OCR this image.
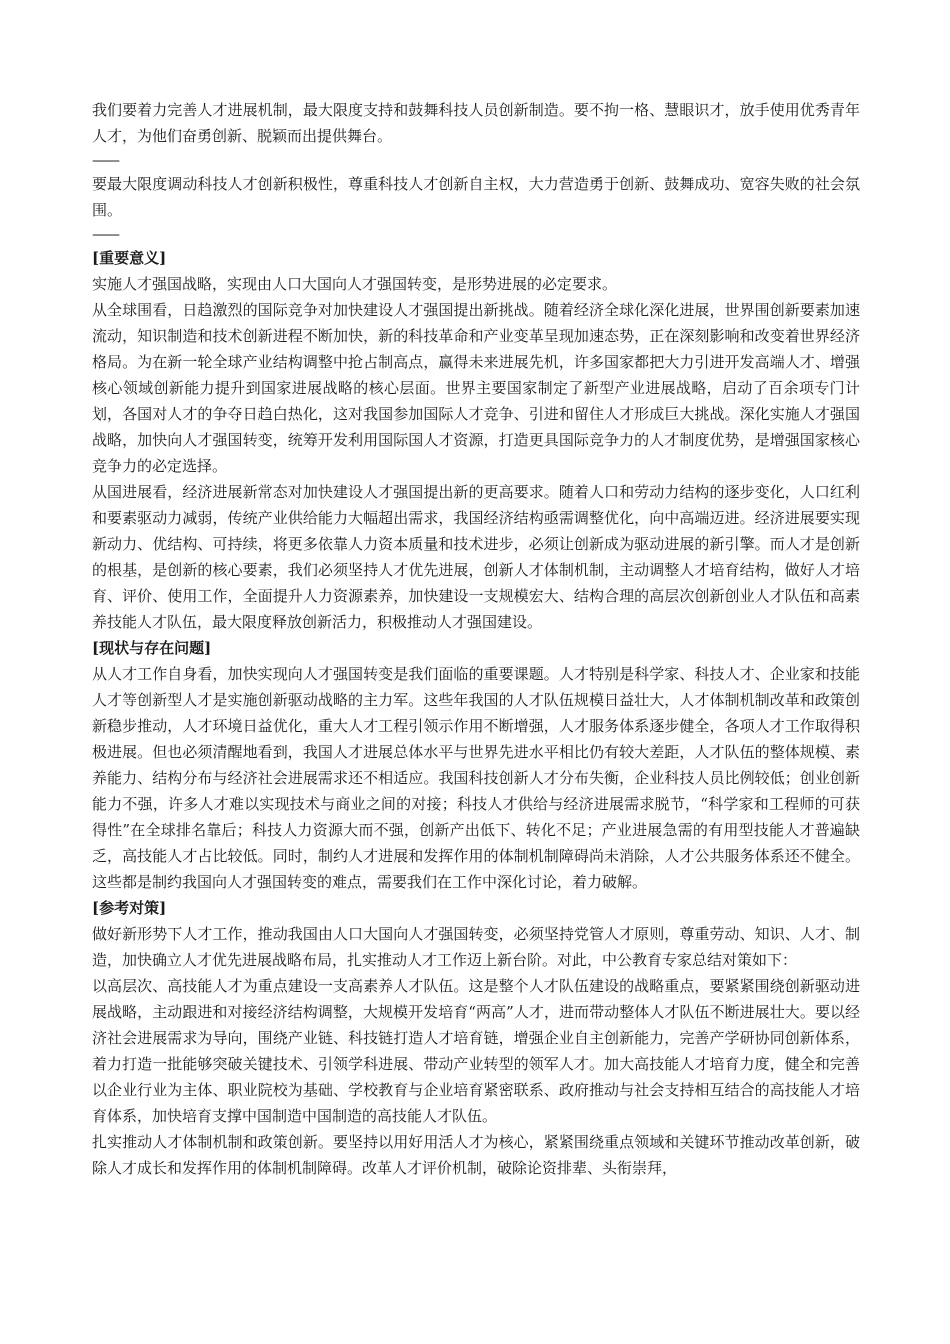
我们要着力完善人才进展机制，最大限度支持和鼓舞科技人员创新制造。要不拘一格、慧眼识才，放手使用优秀青年人才，为他们奋勇创新、脱颖而出提供舞台。

——

要最大限度调动科技人才创新积极性，尊重科技人才创新自主权，大力营造勇于创新、鼓舞成功、宽容失败的社会氛围。

——

[重要意义]

实施人才强国战略，实现由人口大国向人才强国转变，是形势进展的必定要求。

从全球围看，日趋激烈的国际竞争对加快建设人才强国提出新挑战。随着经济全球化深化进展，世界围创新要素加速流动，知识制造和技术创新进程不断加快，新的科技革命和产业变革呈现加速态势，正在深刻影响和改变着世界经济格局。为在新一轮全球产业结构调整中抢占制高点，赢得未来进展先机，许多国家都把大力引进开发高端人才、增强核心领域创新能力提升到国家进展战略的核心层面。世界主要国家制定了新型产业进展战略，启动了百余项专门计划，各国对人才的争夺日趋白热化，这对我国参加国际人才竞争、引进和留住人才形成巨大挑战。深化实施人才强国战略，加快向人才强国转变，统筹开发利用国际国人才资源，打造更具国际竞争力的人才制度优势，是增强国家核心竞争力的必定选择。

从国进展看，经济进展新常态对加快建设人才强国提出新的更高要求。随着人口和劳动力结构的逐步变化，人口红利和要素驱动力减弱，传统产业供给能力大幅超出需求，我国经济结构亟需调整优化，向中高端迈进。经济进展要实现新动力、优结构、可持续，将更多依靠人力资本质量和技术进步，必须让创新成为驱动进展的新引擎。而人才是创新的根基，是创新的核心要素，我们必须坚持人才优先进展，创新人才体制机制，主动调整人才培育结构，做好人才培育、评价、使用工作，全面提升人力资源素养，加快建设一支规模宏大、结构合理的高层次创新创业人才队伍和高素养技能人才队伍，最大限度释放创新活力，积极推动人才强国建设。

[现状与存在问题]

从人才工作自身看，加快实现向人才强国转变是我们面临的重要课题。人才特别是科学家、科技人才、企业家和技能人才等创新型人才是实施创新驱动战略的主力军。这些年我国的人才队伍规模日益壮大，人才体制机制改革和政策创新稳步推动，人才环境日益优化，重大人才工程引领示作用不断增强，人才服务体系逐步健全，各项人才工作取得积极进展。但也必须清醒地看到，我国人才进展总体水平与世界先进水平相比仍有较大差距，人才队伍的整体规模、素养能力、结构分布与经济社会进展需求还不相适应。我国科技创新人才分布失衡，企业科技人员比例较低；创业创新能力不强，许多人才难以实现技术与商业之间的对接；科技人才供给与经济进展需求脱节，“科学家和工程师的可获得性”在全球排名靠后；科技人力资源大而不强，创新产出低下、转化不足；产业进展急需的有用型技能人才普遍缺乏，高技能人才占比较低。同时，制约人才进展和发挥作用的体制机制障碍尚未消除，人才公共服务体系还不健全。这些都是制约我国向人才强国转变的难点，需要我们在工作中深化讨论，着力破解。

[参考对策]

做好新形势下人才工作，推动我国由人口大国向人才强国转变，必须坚持党管人才原则，尊重劳动、知识、人才、制造，加快确立人才优先进展战略布局，扎实推动人才工作迈上新台阶。对此，中公教育专家总结对策如下：

以高层次、高技能人才为重点建设一支高素养人才队伍。这是整个人才队伍建设的战略重点，要紧紧围绕创新驱动进展战略，主动跟进和对接经济结构调整，大规模开发培育“两高”人才，进而带动整体人才队伍不断进展壮大。要以经济社会进展需求为导向，围绕产业链、科技链打造人才培育链，增强企业自主创新能力，完善产学研协同创新体系，着力打造一批能够突破关键技术、引领学科进展、带动产业转型的领军人才。加大高技能人才培育力度，健全和完善以企业行业为主体、职业院校为基础、学校教育与企业培育紧密联系、政府推动与社会支持相互结合的高技能人才培育体系，加快培育支撑中国制造中国制造的高技能人才队伍。

扎实推动人才体制机制和政策创新。要坚持以用好用活人才为核心，紧紧围绕重点领域和关键环节推动改革创新，破除人才成长和发挥作用的体制机制障碍。改革人才评价机制，破除论资排辈、头衔崇拜，
